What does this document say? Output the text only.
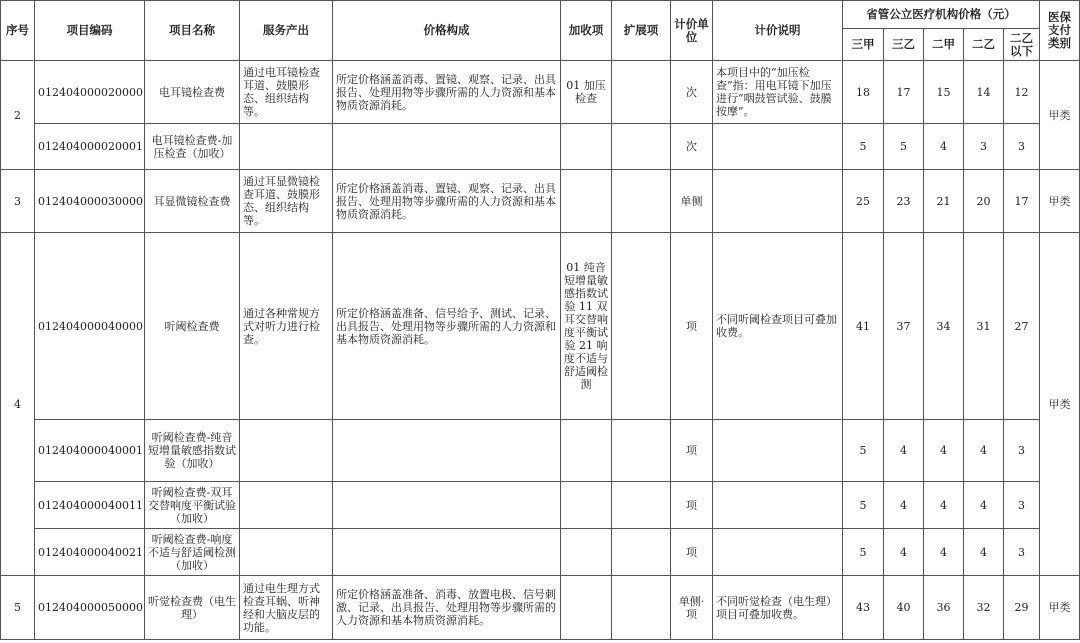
序号	项目编码	项目名称	服务产出	价格构成	加收项	扩展项	计价单位	计价说明	省管公立医疗机构价格（元）					医保支付类别
									三甲	三乙	二甲	二乙	二乙以下	
2	012404000020000	电耳镜检查费	通过电耳镜检查耳道、鼓膜形态、组织结构等。	所定价格涵盖消毒、置镜、观察、记录、出具报告、处理用物等步骤所需的人力资源和基本物质资源消耗。	01 加压检查		次	本项目中的“加压检查”指：用电耳镜下加压进行“咽鼓管试验、鼓膜按摩”。	18	17	15	14	12	甲类
	012404000020001	电耳镜检查费-加压检查（加收）					次		5	5	4	3	3	
3	012404000030000	耳显微镜检查费	通过耳显微镜检查耳道、鼓膜形态、组织结构等。	所定价格涵盖消毒、置镜、观察、记录、出具报告、处理用物等步骤所需的人力资源和基本物质资源消耗。			单侧		25	23	21	20	17	甲类
4	012404000040000	听阈检查费	通过各种常规方式对听力进行检查。	所定价格涵盖准备、信号给予、测试、记录、出具报告、处理用物等步骤所需的人力资源和基本物质资源消耗。	01 纯音短增量敏感指数试验 11 双耳交替响度平衡试验 21 响度不适与舒适阈检测		项	不同听阈检查项目可叠加收费。	41	37	34	31	27	甲类
	012404000040001	听阈检查费-纯音短增量敏感指数试验（加收）					项		5	4	4	4	3	
	012404000040011	听阈检查费-双耳交替响度平衡试验（加收）					项		5	4	4	4	3	
	012404000040021	听阈检查费-响度不适与舒适阈检测（加收）					项		5	4	4	4	3	
5	012404000050000	听觉检查费（电生理）	通过电生理方式检查耳蜗、听神经和大脑皮层的功能。	所定价格涵盖准备、消毒、放置电极、信号刺激、记录、出具报告、处理用物等步骤所需的人力资源和基本物质资源消耗。			单侧·项	不同听觉检查（电生理）项目可叠加收费。	43	40	36	32	29	甲类
